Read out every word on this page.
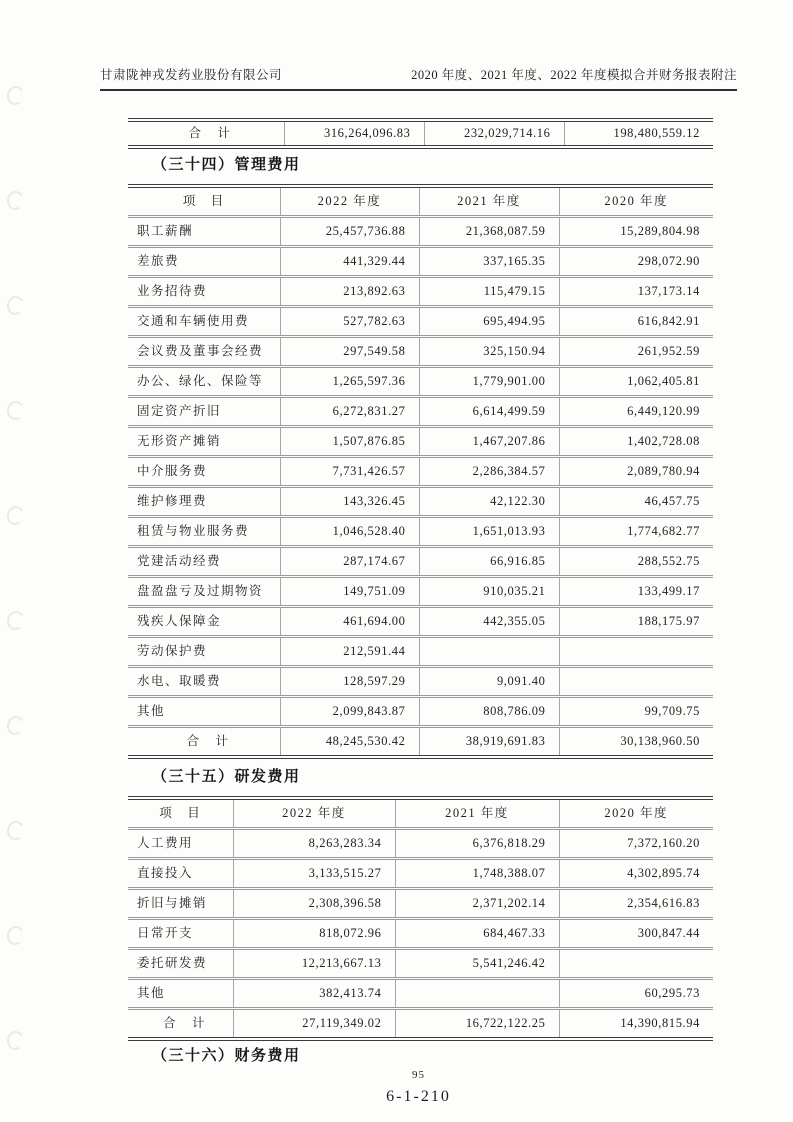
甘肃陇神戎发药业股份有限公司	2020 年度、2021 年度、2022 年度模拟合并财务报表附注
合　计	316,264,096.83	232,029,714.16	198,480,559.12
（三十四）管理费用
项　目	2022 年度	2021 年度	2020 年度
职工薪酬	25,457,736.88	21,368,087.59	15,289,804.98
差旅费	441,329.44	337,165.35	298,072.90
业务招待费	213,892.63	115,479.15	137,173.14
交通和车辆使用费	527,782.63	695,494.95	616,842.91
会议费及董事会经费	297,549.58	325,150.94	261,952.59
办公、绿化、保险等	1,265,597.36	1,779,901.00	1,062,405.81
固定资产折旧	6,272,831.27	6,614,499.59	6,449,120.99
无形资产摊销	1,507,876.85	1,467,207.86	1,402,728.08
中介服务费	7,731,426.57	2,286,384.57	2,089,780.94
维护修理费	143,326.45	42,122.30	46,457.75
租赁与物业服务费	1,046,528.40	1,651,013.93	1,774,682.77
党建活动经费	287,174.67	66,916.85	288,552.75
盘盈盘亏及过期物资	149,751.09	910,035.21	133,499.17
残疾人保障金	461,694.00	442,355.05	188,175.97
劳动保护费	212,591.44		
水电、取暖费	128,597.29	9,091.40	
其他	2,099,843.87	808,786.09	99,709.75
合　计	48,245,530.42	38,919,691.83	30,138,960.50
（三十五）研发费用
项　目	2022 年度	2021 年度	2020 年度
人工费用	8,263,283.34	6,376,818.29	7,372,160.20
直接投入	3,133,515.27	1,748,388.07	4,302,895.74
折旧与摊销	2,308,396.58	2,371,202.14	2,354,616.83
日常开支	818,072.96	684,467.33	300,847.44
委托研发费	12,213,667.13	5,541,246.42	
其他	382,413.74		60,295.73
合　计	27,119,349.02	16,722,122.25	14,390,815.94
（三十六）财务费用
95
6-1-210
